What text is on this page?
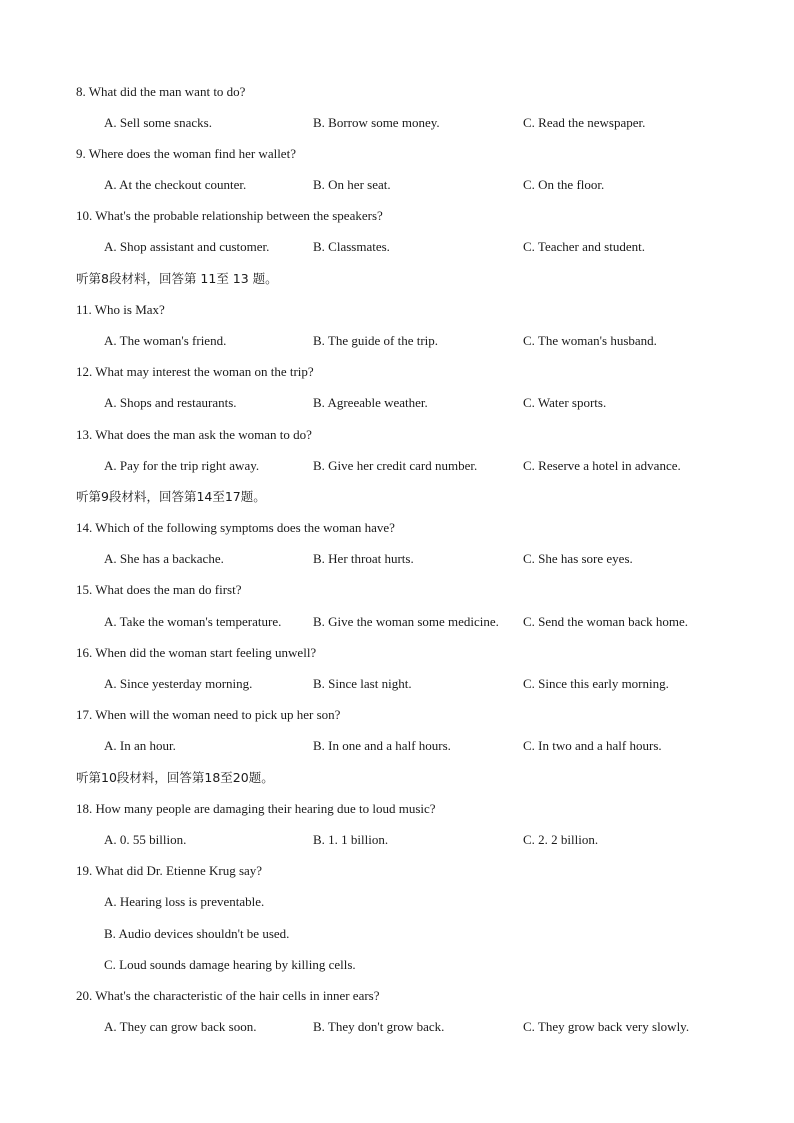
8. What did the man want to do?
A. Sell some snacks.	B. Borrow some money.	C. Read the newspaper.
9. Where does the woman find her wallet?
A. At the checkout counter.	B. On her seat.	C. On the floor.
10. What's the probable relationship between the speakers?
A. Shop assistant and customer.	B. Classmates.	C. Teacher and student.
听第8段材料，回答第 11至 13 题。
11. Who is Max?
A. The woman's friend.	B. The guide of the trip.	C. The woman's husband.
12. What may interest the woman on the trip?
A. Shops and restaurants.	B. Agreeable weather.	C. Water sports.
13. What does the man ask the woman to do?
A. Pay for the trip right away.	B. Give her credit card number.	C. Reserve a hotel in advance.
听第9段材料，回答第14至17题。
14. Which of the following symptoms does the woman have?
A. She has a backache.	B. Her throat hurts.	C. She has sore eyes.
15. What does the man do first?
A. Take the woman's temperature. B. Give the woman some medicine. C. Send the woman back home.
16. When did the woman start feeling unwell?
A. Since yesterday morning.	B. Since last night.	C. Since this early morning.
17. When will the woman need to pick up her son?
A. In an hour.	B. In one and a half hours.	C. In two and a half hours.
听第10段材料，回答第18至20题。
18. How many people are damaging their hearing due to loud music?
A. 0. 55 billion.	B. 1. 1 billion.	C. 2. 2 billion.
19. What did Dr. Etienne Krug say?
A. Hearing loss is preventable.
B. Audio devices shouldn't be used.
C. Loud sounds damage hearing by killing cells.
20. What's the characteristic of the hair cells in inner ears?
A. They can grow back soon.	B. They don't grow back.	C. They grow back very slowly.
